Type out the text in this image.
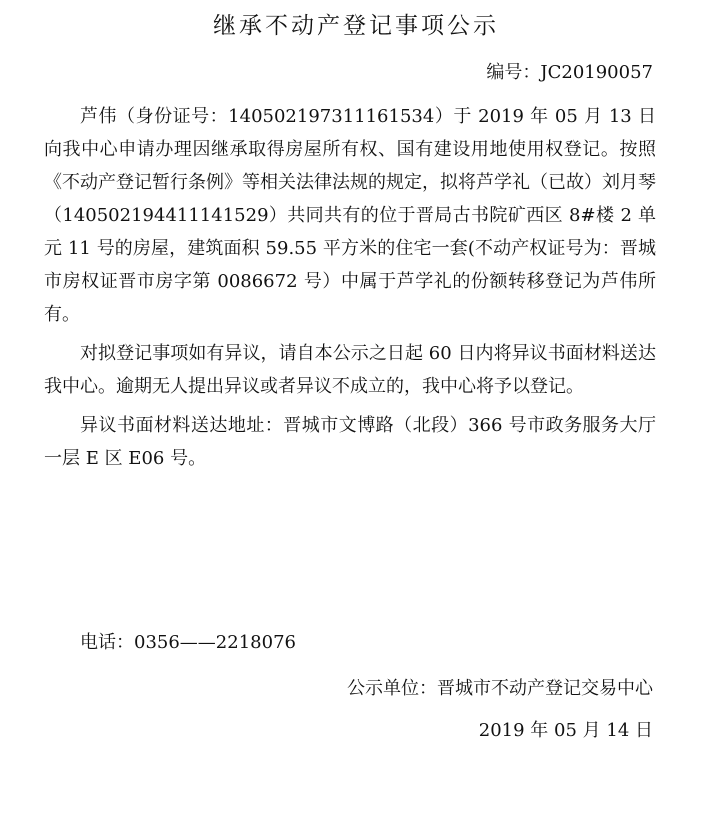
继承不动产登记事项公示
编号：JC20190057

芦伟（身份证号：140502197311161534）于 2019 年 05 月 13 日向我中心申请办理因继承取得房屋所有权、国有建设用地使用权登记。按照《不动产登记暂行条例》等相关法律法规的规定，拟将芦学礼（已故）刘月琴（140502194411141529）共同共有的位于晋局古书院矿西区 8#楼 2 单元 11 号的房屋，建筑面积 59.55 平方米的住宅一套(不动产权证号为：晋城市房权证晋市房字第 0086672 号）中属于芦学礼的份额转移登记为芦伟所有。

对拟登记事项如有异议，请自本公示之日起 60 日内将异议书面材料送达我中心。逾期无人提出异议或者异议不成立的，我中心将予以登记。

异议书面材料送达地址：晋城市文博路（北段）366 号市政务服务大厅一层 E 区 E06 号。

电话：0356——2218076
公示单位：晋城市不动产登记交易中心
2019 年 05 月 14 日
